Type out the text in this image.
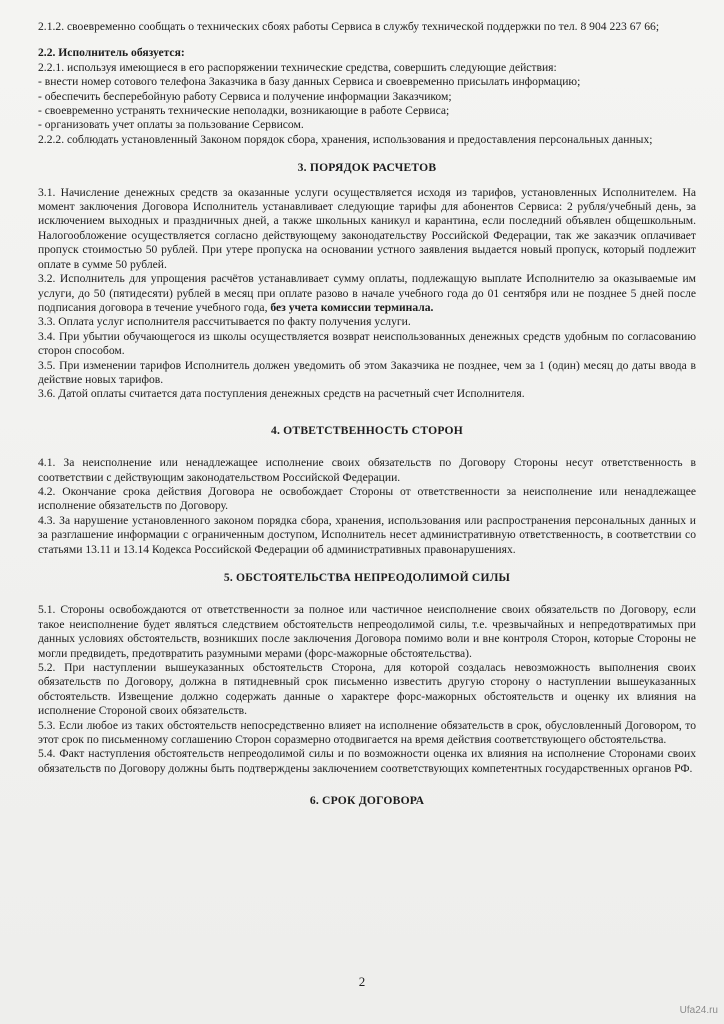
2.1.2. своевременно сообщать о технических сбоях работы Сервиса в службу технической поддержки по тел. 8 904 223 67 66;

2.2. Исполнитель обязуется:

2.2.1. используя имеющиеся в его распоряжении технические средства, совершить следующие действия:

- внести номер сотового телефона Заказчика в базу данных Сервиса и своевременно присылать информацию;

- обеспечить бесперебойную работу Сервиса и получение информации Заказчиком;

- своевременно устранять технические неполадки, возникающие в работе Сервиса;

- организовать учет оплаты за пользование Сервисом.

2.2.2. соблюдать установленный Законом порядок сбора, хранения, использования и предоставления персональных данных;

3. ПОРЯДОК РАСЧЕТОВ

3.1. Начисление денежных средств за оказанные услуги осуществляется исходя из тарифов, установленных Исполнителем. На момент заключения Договора Исполнитель устанавливает следующие тарифы для абонентов Сервиса: 2 рубля/учебный день, за исключением выходных и праздничных дней, а также школьных каникул и карантина, если последний объявлен общешкольным. Налогообложение осуществляется согласно действующему законодательству Российской Федерации, так же заказчик оплачивает пропуск стоимостью 50 рублей. При утере пропуска на основании устного заявления выдается новый пропуск, который подлежит оплате в сумме 50 рублей.

3.2. Исполнитель для упрощения расчётов устанавливает сумму оплаты, подлежащую выплате Исполнителю за оказываемые им услуги, до 50 (пятидесяти) рублей в месяц при оплате разово в начале учебного года до 01 сентября или не позднее 5 дней после подписания договора в течение учебного года, без учета комиссии терминала.

3.3. Оплата услуг исполнителя рассчитывается по факту получения услуги.

3.4. При убытии обучающегося из школы осуществляется возврат неиспользованных денежных средств удобным по согласованию сторон способом.

3.5. При изменении тарифов Исполнитель должен уведомить об этом Заказчика не позднее, чем за 1 (один) месяц до даты ввода в действие новых тарифов.

3.6. Датой оплаты считается дата поступления денежных средств на расчетный счет Исполнителя.

4. ОТВЕТСТВЕННОСТЬ СТОРОН

4.1. За неисполнение или ненадлежащее исполнение своих обязательств по Договору Стороны несут ответственность в соответствии с действующим законодательством Российской Федерации.

4.2. Окончание срока действия Договора не освобождает Стороны от ответственности за неисполнение или ненадлежащее исполнение обязательств по Договору.

4.3. За нарушение установленного законом порядка сбора, хранения, использования или распространения персональных данных и за разглашение информации с ограниченным доступом, Исполнитель несет административную ответственность, в соответствии со статьями 13.11 и 13.14 Кодекса Российской Федерации об административных правонарушениях.

5. ОБСТОЯТЕЛЬСТВА НЕПРЕОДОЛИМОЙ СИЛЫ

5.1. Стороны освобождаются от ответственности за полное или частичное неисполнение своих обязательств по Договору, если такое неисполнение будет являться следствием обстоятельств непреодолимой силы, т.е. чрезвычайных и непредотвратимых при данных условиях обстоятельств, возникших после заключения Договора помимо воли и вне контроля Сторон, которые Стороны не могли предвидеть, предотвратить разумными мерами (форс-мажорные обстоятельства).

5.2. При наступлении вышеуказанных обстоятельств Сторона, для которой создалась невозможность выполнения своих обязательств по Договору, должна в пятидневный срок письменно известить другую сторону о наступлении вышеуказанных обстоятельств. Извещение должно содержать данные о характере форс-мажорных обстоятельств и оценку их влияния на исполнение Стороной своих обязательств.

5.3. Если любое из таких обстоятельств непосредственно влияет на исполнение обязательств в срок, обусловленный Договором, то этот срок по письменному соглашению Сторон соразмерно отодвигается на время действия соответствующего обстоятельства.

5.4. Факт наступления обстоятельств непреодолимой силы и по возможности оценка их влияния на исполнение Сторонами своих обязательств по Договору должны быть подтверждены заключением соответствующих компетентных государственных органов РФ.

6. СРОК ДОГОВОРА
2
Ufa24.ru
